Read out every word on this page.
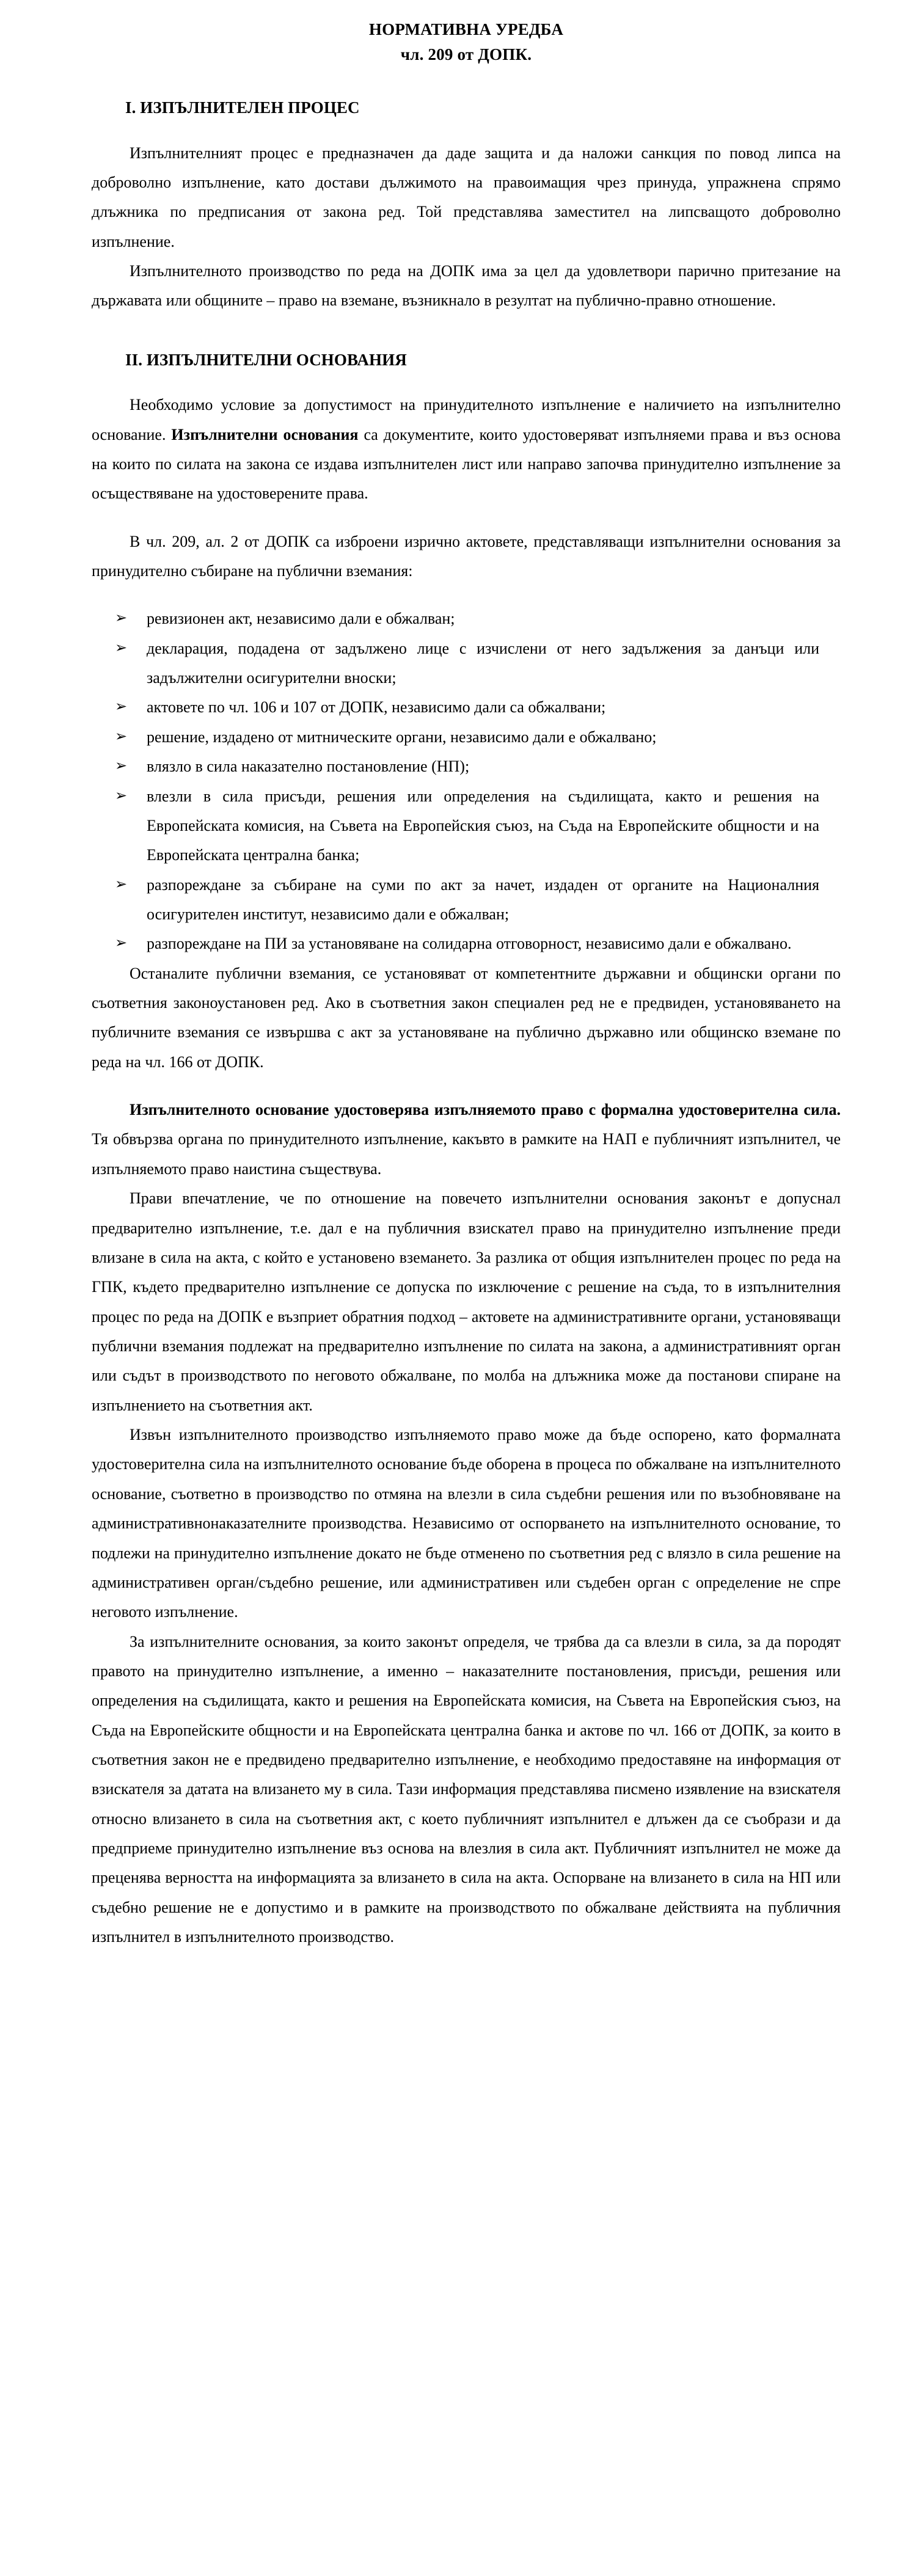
НОРМАТИВНА УРЕДБА
чл. 209 от ДОПК.
I. ИЗПЪЛНИТЕЛЕН ПРОЦЕС

Изпълнителният процес е предназначен да даде защита и да наложи санкция по повод липса на доброволно изпълнение, като достави дължимото на правоимащия чрез принуда, упражнена спрямо длъжника по предписания от закона ред. Той представлява заместител на липсващото доброволно изпълнение.

Изпълнителното производство по реда на ДОПК има за цел да удовлетвори парично притезание на държавата или общините – право на вземане, възникнало в резултат на публично-правно отношение.

II. ИЗПЪЛНИТЕЛНИ ОСНОВАНИЯ

Необходимо условие за допустимост на принудителното изпълнение е наличието на изпълнително основание. Изпълнителни основания са документите, които удостоверяват изпълняеми права и въз основа на които по силата на закона се издава изпълнителен лист или направо започва принудително изпълнение за осъществяване на удостоверените права.

В чл. 209, ал. 2 от ДОПК са изброени изрично актовете, представляващи изпълнителни основания за принудително събиране на публични вземания:

➢ ревизионен акт, независимо дали е обжалван;
➢ декларация, подадена от задължено лице с изчислени от него задължения за данъци или задължителни осигурителни вноски;
➢ актовете по чл. 106 и 107 от ДОПК, независимо дали са обжалвани;
➢ решение, издадено от митническите органи, независимо дали е обжалвано;
➢ влязло в сила наказателно постановление (НП);
➢ влезли в сила присъди, решения или определения на съдилищата, както и решения на Европейската комисия, на Съвета на Европейския съюз, на Съда на Европейските общности и на Европейската централна банка;
➢ разпореждане за събиране на суми по акт за начет, издаден от органите на Националния осигурителен институт, независимо дали е обжалван;
➢ разпореждане на ПИ за установяване на солидарна отговорност, независимо дали е обжалвано.

Останалите публични вземания, се установяват от компетентните държавни и общински органи по съответния законоустановен ред. Ако в съответния закон специален ред не е предвиден, установяването на публичните вземания се извършва с акт за установяване на публично държавно или общинско вземане по реда на чл. 166 от ДОПК.

Изпълнителното основание удостоверява изпълняемото право с формална удостоверителна сила. Тя обвързва органа по принудителното изпълнение, какъвто в рамките на НАП е публичният изпълнител, че изпълняемото право наистина съществува.

Прави впечатление, че по отношение на повечето изпълнителни основания законът е допуснал предварително изпълнение, т.е. дал е на публичния взискател право на принудително изпълнение преди влизане в сила на акта, с който е установено вземането. За разлика от общия изпълнителен процес по реда на ГПК, където предварително изпълнение се допуска по изключение с решение на съда, то в изпълнителния процес по реда на ДОПК е възприет обратния подход – актовете на административните органи, установяващи публични вземания подлежат на предварително изпълнение по силата на закона, а административният орган или съдът в производството по неговото обжалване, по молба на длъжника може да постанови спиране на изпълнението на съответния акт.

Извън изпълнителното производство изпълняемото право може да бъде оспорено, като формалната удостоверителна сила на изпълнителното основание бъде оборена в процеса по обжалване на изпълнителното основание, съответно в производство по отмяна на влезли в сила съдебни решения или по възобновяване на административнонаказателните производства. Независимо от оспорването на изпълнителното основание, то подлежи на принудително изпълнение докато не бъде отменено по съответния ред с влязло в сила решение на административен орган/съдебно решение, или административен или съдебен орган с определение не спре неговото изпълнение.

За изпълнителните основания, за които законът определя, че трябва да са влезли в сила, за да породят правото на принудително изпълнение, а именно – наказателните постановления, присъди, решения или определения на съдилищата, както и решения на Европейската комисия, на Съвета на Европейския съюз, на Съда на Европейските общности и на Европейската централна банка и актове по чл. 166 от ДОПК, за които в съответния закон не е предвидено предварително изпълнение, е необходимо предоставяне на информация от взискателя за датата на влизането му в сила. Тази информация представлява писмено изявление на взискателя относно влизането в сила на съответния акт, с което публичният изпълнител е длъжен да се съобрази и да предприеме принудително изпълнение въз основа на влезлия в сила акт. Публичният изпълнител не може да преценява верността на информацията за влизането в сила на акта. Оспорване на влизането в сила на НП или съдебно решение не е допустимо и в рамките на производството по обжалване действията на публичния изпълнител в изпълнителното производство.
